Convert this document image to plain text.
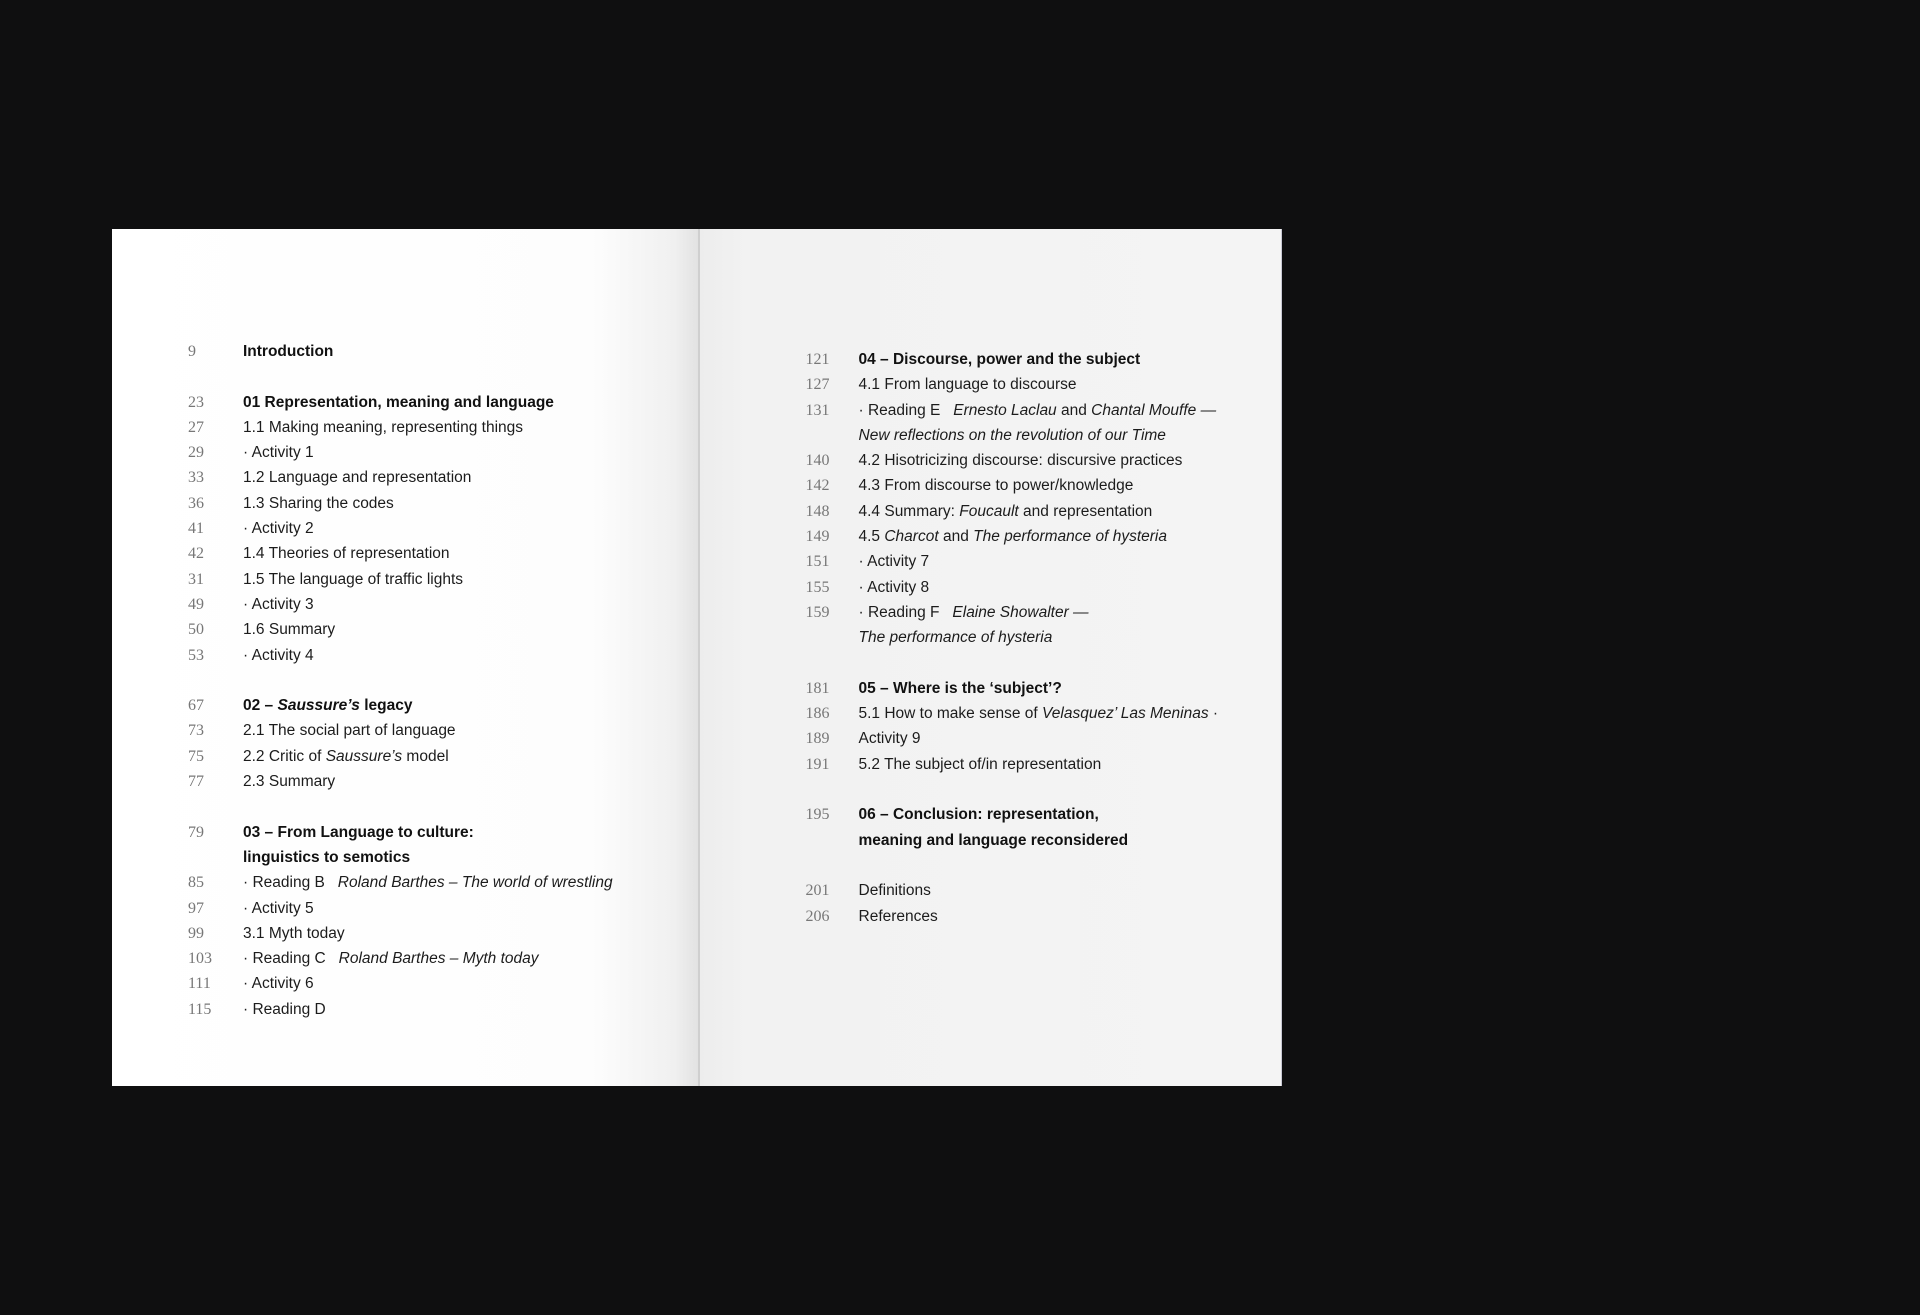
9	Introduction
23	01 Representation, meaning and language
27	1.1 Making meaning, representing things
29	· Activity 1
33	1.2 Language and representation
36	1.3 Sharing the codes
41	· Activity 2
42	1.4 Theories of representation
31	1.5 The language of traffic lights
49	· Activity 3
50	1.6 Summary
53	· Activity 4
67	02 – Saussure’s legacy
73	2.1 The social part of language
75	2.2 Critic of Saussure’s model
77	2.3 Summary
79	03 – From Language to culture:
linguistics to semotics
85	· Reading B   Roland Barthes – The world of wrestling
97	· Activity 5
99	3.1 Myth today
103	· Reading C   Roland Barthes – Myth today
111	· Activity 6
115	· Reading D
121	04 – Discourse, power and the subject
127	4.1 From language to discourse
131	· Reading E   Ernesto Laclau and Chantal Mouffe —
New reflections on the revolution of our Time
140	4.2 Hisotricizing discourse: discursive practices
142	4.3 From discourse to power/knowledge
148	4.4 Summary: Foucault and representation
149	4.5 Charcot and The performance of hysteria
151	· Activity 7
155	· Activity 8
159	· Reading F   Elaine Showalter —
The performance of hysteria
181	05 – Where is the ‘subject’?
186	5.1 How to make sense of Velasquez’ Las Meninas ·
189	Activity 9
191	5.2 The subject of/in representation
195	06 – Conclusion: representation,
meaning and language reconsidered
201	Definitions
206	References
